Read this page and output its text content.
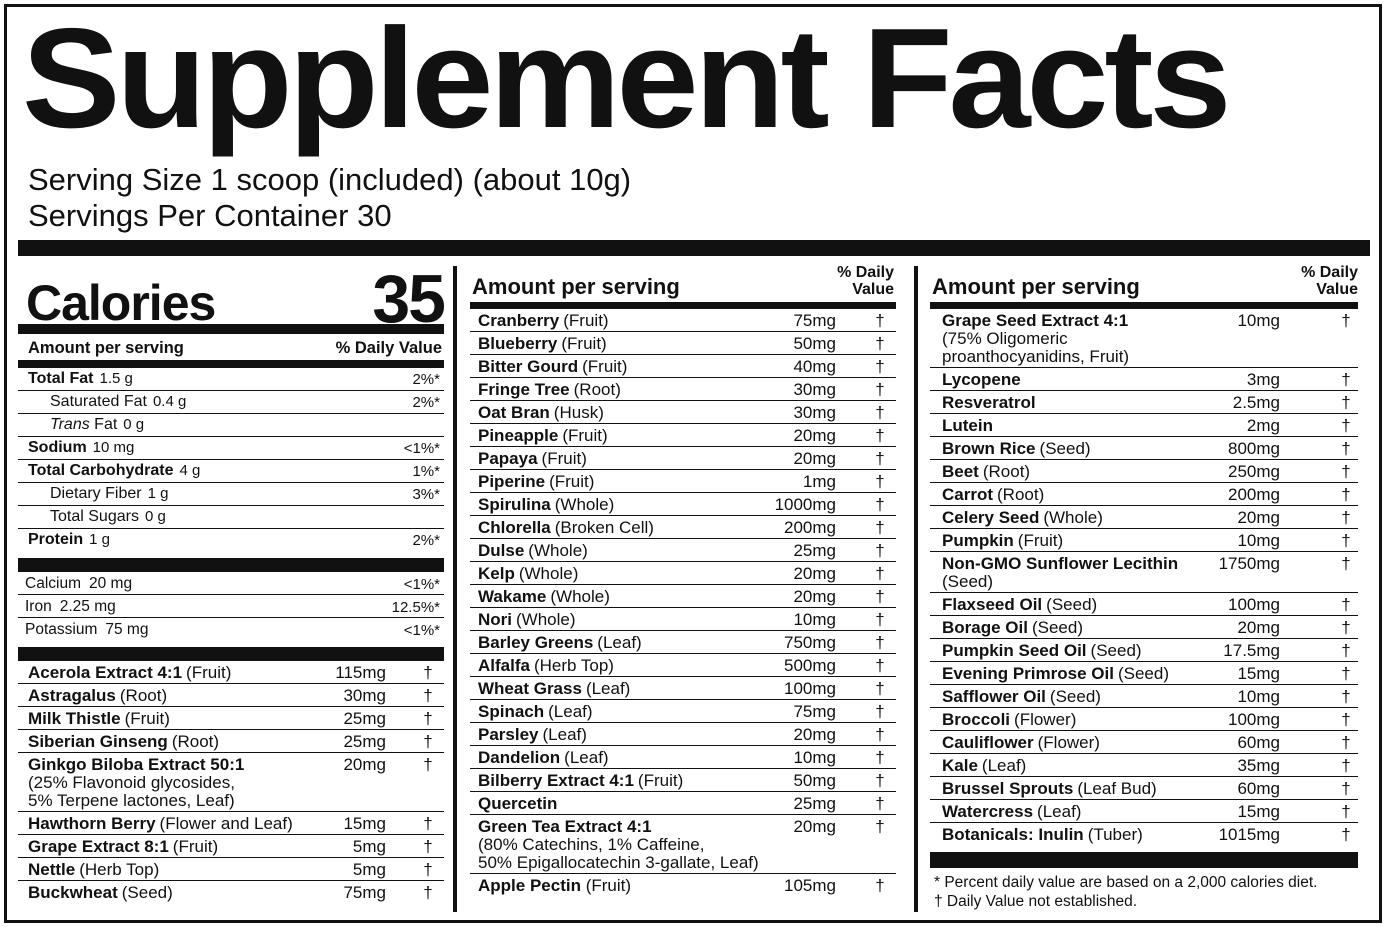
Supplement Facts
Serving Size 1 scoop (included) (about 10g)
Servings Per Container 30
Calories 35
Amount per serving	% Daily Value
Total Fat 1.5 g	2%*
Saturated Fat 0.4 g	2%*
Trans Fat 0 g
Sodium 10 mg	<1%*
Total Carbohydrate 4 g	1%*
Dietary Fiber 1 g	3%*
Total Sugars 0 g
Protein 1 g	2%*
Calcium 20 mg	<1%*
Iron 2.25 mg	12.5%*
Potassium 75 mg	<1%*
Acerola Extract 4:1 (Fruit)	115mg	†
Astragalus (Root)	30mg	†
Milk Thistle (Fruit)	25mg	†
Siberian Ginseng (Root)	25mg	†
Ginkgo Biloba Extract 50:1
(25% Flavonoid glycosides,
5% Terpene lactones, Leaf)
20mg	†
Hawthorn Berry (Flower and Leaf)	15mg	†
Grape Extract 8:1 (Fruit)	5mg	†
Nettle (Herb Top)	5mg	†
Buckwheat (Seed)	75mg	†
Amount per serving
% Daily
Value
Cranberry (Fruit)	75mg	†
Blueberry (Fruit)	50mg	†
Bitter Gourd (Fruit)	40mg	†
Fringe Tree (Root)	30mg	†
Oat Bran (Husk)	30mg	†
Pineapple (Fruit)	20mg	†
Papaya (Fruit)	20mg	†
Piperine (Fruit)	1mg	†
Spirulina (Whole)	1000mg	†
Chlorella (Broken Cell)	200mg	†
Dulse (Whole)	25mg	†
Kelp (Whole)	20mg	†
Wakame (Whole)	20mg	†
Nori (Whole)	10mg	†
Barley Greens (Leaf)	750mg	†
Alfalfa (Herb Top)	500mg	†
Wheat Grass (Leaf)	100mg	†
Spinach (Leaf)	75mg	†
Parsley (Leaf)	20mg	†
Dandelion (Leaf)	10mg	†
Bilberry Extract 4:1 (Fruit)	50mg	†
Quercetin	25mg	†
Green Tea Extract 4:1
(80% Catechins, 1% Caffeine,
50% Epigallocatechin 3-gallate, Leaf)
20mg	†
Apple Pectin (Fruit)	105mg	†
Amount per serving
% Daily
Value
Grape Seed Extract 4:1
(75% Oligomeric
proanthocyanidins, Fruit)
10mg	†
Lycopene	3mg	†
Resveratrol	2.5mg	†
Lutein	2mg	†
Brown Rice (Seed)	800mg	†
Beet (Root)	250mg	†
Carrot (Root)	200mg	†
Celery Seed (Whole)	20mg	†
Pumpkin (Fruit)	10mg	†
Non-GMO Sunflower Lecithin
(Seed)
1750mg	†
Flaxseed Oil (Seed)	100mg	†
Borage Oil (Seed)	20mg	†
Pumpkin Seed Oil (Seed)	17.5mg	†
Evening Primrose Oil (Seed)	15mg	†
Safflower Oil (Seed)	10mg	†
Broccoli (Flower)	100mg	†
Cauliflower (Flower)	60mg	†
Kale (Leaf)	35mg	†
Brussel Sprouts (Leaf Bud)	60mg	†
Watercress (Leaf)	15mg	†
Botanicals: Inulin (Tuber)	1015mg	†
* Percent daily value are based on a 2,000 calories diet.
† Daily Value not established.
